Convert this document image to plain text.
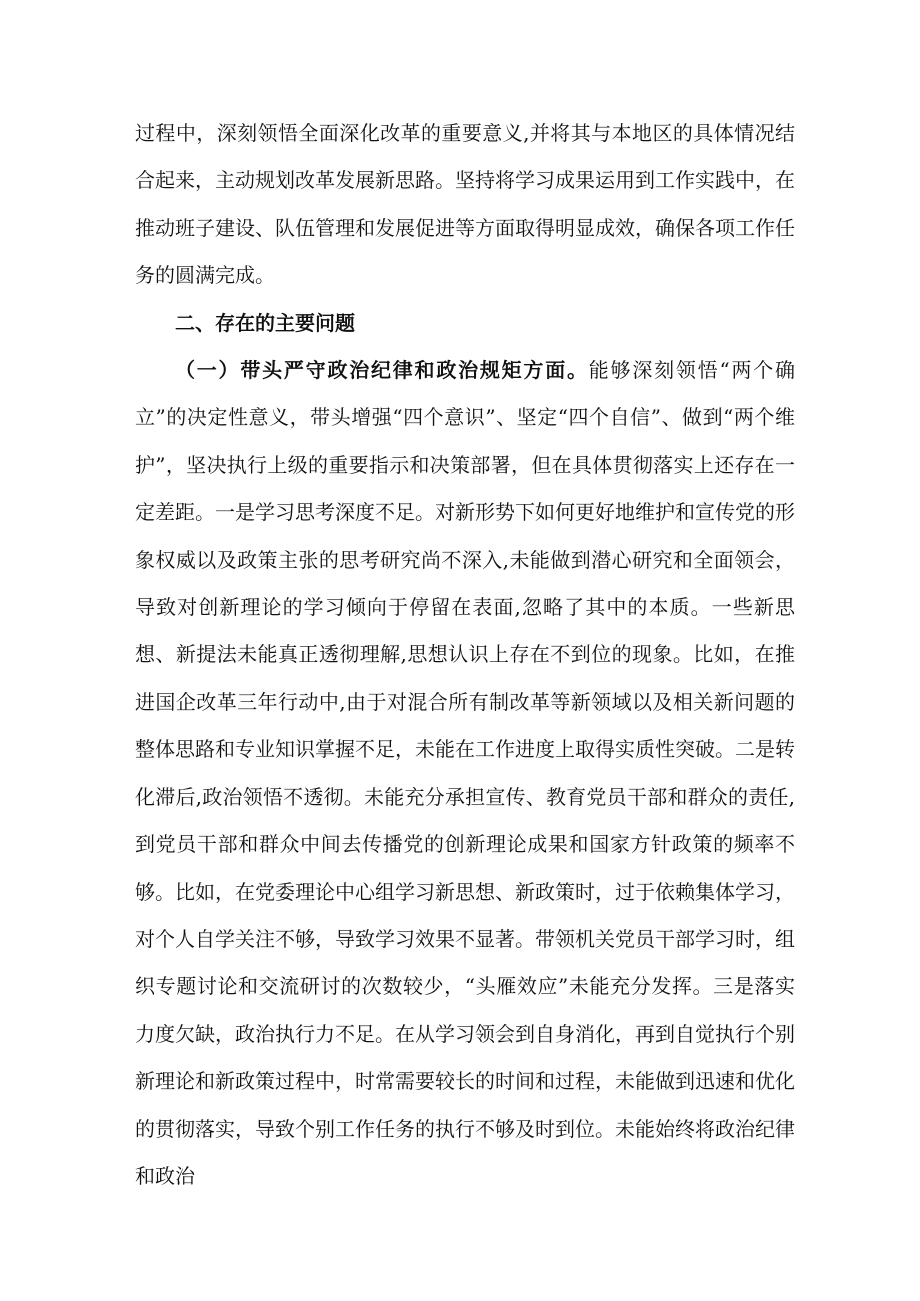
过程中，深刻领悟全面深化改革的重要意义,并将其与本地区的具体情况结合起来，主动规划改革发展新思路。坚持将学习成果运用到工作实践中，在推动班子建设、队伍管理和发展促进等方面取得明显成效，确保各项工作任务的圆满完成。

二、存在的主要问题

（一）带头严守政治纪律和政治规矩方面。能够深刻领悟“两个确立”的决定性意义，带头增强“四个意识”、坚定“四个自信”、做到“两个维护”，坚决执行上级的重要指示和决策部署，但在具体贯彻落实上还存在一定差距。一是学习思考深度不足。对新形势下如何更好地维护和宣传党的形象权威以及政策主张的思考研究尚不深入,未能做到潜心研究和全面领会，导致对创新理论的学习倾向于停留在表面,忽略了其中的本质。一些新思想、新提法未能真正透彻理解,思想认识上存在不到位的现象。比如，在推进国企改革三年行动中,由于对混合所有制改革等新领域以及相关新问题的整体思路和专业知识掌握不足，未能在工作进度上取得实质性突破。二是转化滞后,政治领悟不透彻。未能充分承担宣传、教育党员干部和群众的责任,到党员干部和群众中间去传播党的创新理论成果和国家方针政策的频率不够。比如，在党委理论中心组学习新思想、新政策时，过于依赖集体学习，对个人自学关注不够，导致学习效果不显著。带领机关党员干部学习时，组织专题讨论和交流研讨的次数较少，“头雁效应”未能充分发挥。三是落实力度欠缺，政治执行力不足。在从学习领会到自身消化，再到自觉执行个别新理论和新政策过程中，时常需要较长的时间和过程，未能做到迅速和优化的贯彻落实，导致个别工作任务的执行不够及时到位。未能始终将政治纪律和政治
